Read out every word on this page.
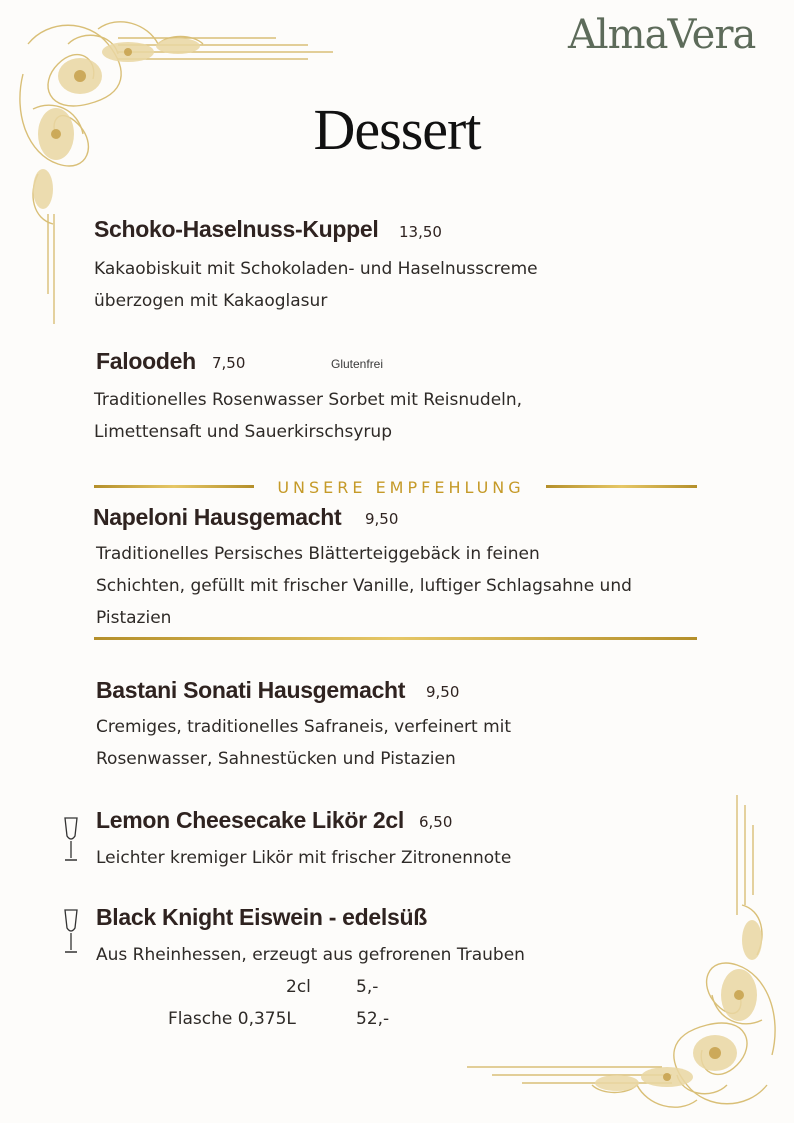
AlmaVera
Dessert
Schoko-Haselnuss-Kuppel 13,50
Kakaobiskuit mit Schokoladen- und Haselnusscreme
überzogen mit Kakaoglasur
Faloodeh 7,50	Glutenfrei
Traditionelles Rosenwasser Sorbet mit Reisnudeln,
Limettensaft und Sauerkirschsyrup
UNSERE EMPFEHLUNG
Napeloni Hausgemacht 9,50
Traditionelles Persisches Blätterteiggebäck in feinen
Schichten, gefüllt mit frischer Vanille, luftiger Schlagsahne und
Pistazien
Bastani Sonati Hausgemacht 9,50
Cremiges, traditionelles Safraneis, verfeinert mit
Rosenwasser, Sahnestücken und Pistazien
Lemon Cheesecake Likör 2cl 6,50
Leichter kremiger Likör mit frischer Zitronennote
Black Knight Eiswein - edelsüß
Aus Rheinhessen, erzeugt aus gefrorenen Trauben
2cl	5,-
Flasche 0,375L	52,-
